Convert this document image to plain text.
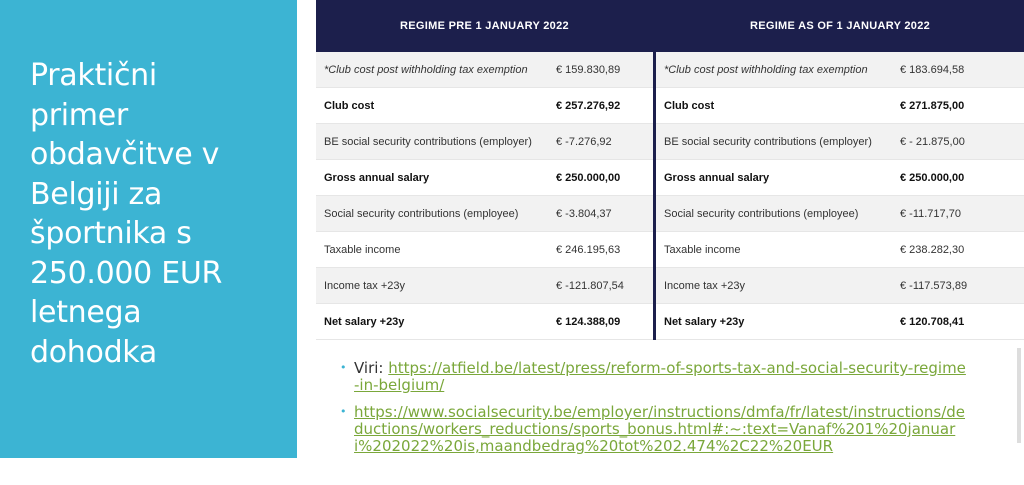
Praktični
primer
obdavčitve v
Belgiji za
športnika s
250.000 EUR
letnega
dohodka
REGIME PRE 1 JANUARY 2022
*Club cost post withholding tax exemption	€ 159.830,89
Club cost	€ 257.276,92
BE social security contributions (employer)	€ -7.276,92
Gross annual salary	€ 250.000,00
Social security contributions (employee)	€ -3.804,37
Taxable income	€ 246.195,63
Income tax +23y	€ -121.807,54
Net salary +23y	€ 124.388,09
REGIME AS OF 1 JANUARY 2022
*Club cost post withholding tax exemption	€ 183.694,58
Club cost	€ 271.875,00
BE social security contributions (employer)	€ - 21.875,00
Gross annual salary	€ 250.000,00
Social security contributions (employee)	€ -11.717,70
Taxable income	€ 238.282,30
Income tax +23y	€ -117.573,89
Net salary +23y	€ 120.708,41
• Viri: https://atfield.be/latest/press/reform-of-sports-tax-and-social-security-regime-in-belgium/
• https://www.socialsecurity.be/employer/instructions/dmfa/fr/latest/instructions/deductions/workers_reductions/sports_bonus.html#:~:text=Vanaf%201%20januari%202022%20is,maandbedrag%20tot%202.474%2C22%20EUR
